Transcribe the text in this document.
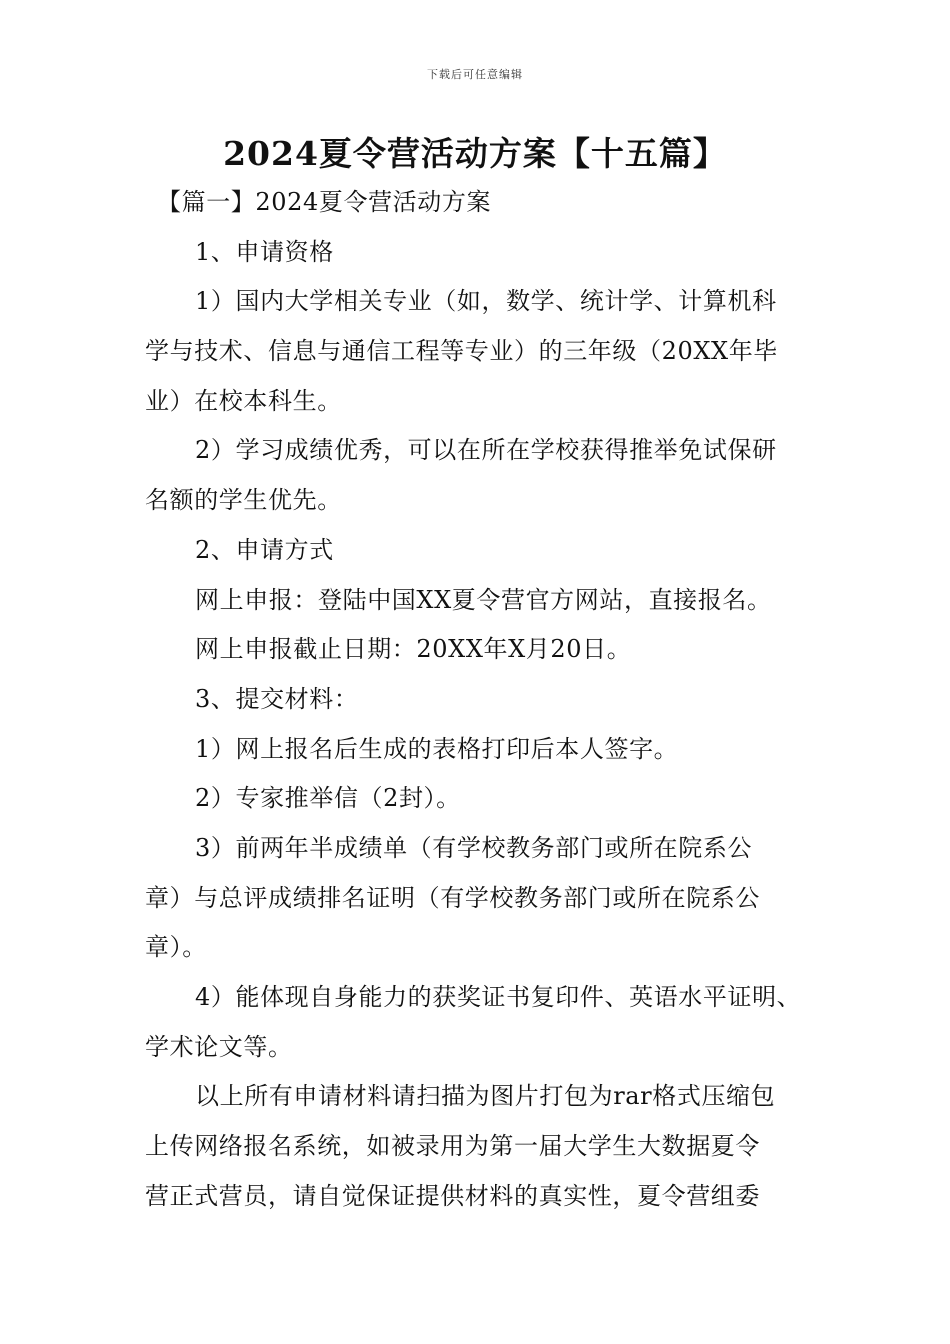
下载后可任意编辑
2024夏令营活动方案【十五篇】
【篇一】2024夏令营活动方案
1、申请资格
1）国内大学相关专业（如，数学、统计学、计算机科
学与技术、信息与通信工程等专业）的三年级（20XX年毕
业）在校本科生。
2）学习成绩优秀，可以在所在学校获得推举免试保研
名额的学生优先。
2、申请方式
网上申报：登陆中国XX夏令营官方网站，直接报名。
网上申报截止日期：20XX年X月20日。
3、提交材料：
1）网上报名后生成的表格打印后本人签字。
2）专家推举信（2封）。
3）前两年半成绩单（有学校教务部门或所在院系公
章）与总评成绩排名证明（有学校教务部门或所在院系公
章）。
4）能体现自身能力的获奖证书复印件、英语水平证明、
学术论文等。
以上所有申请材料请扫描为图片打包为rar格式压缩包
上传网络报名系统，如被录用为第一届大学生大数据夏令
营正式营员，请自觉保证提供材料的真实性，夏令营组委
